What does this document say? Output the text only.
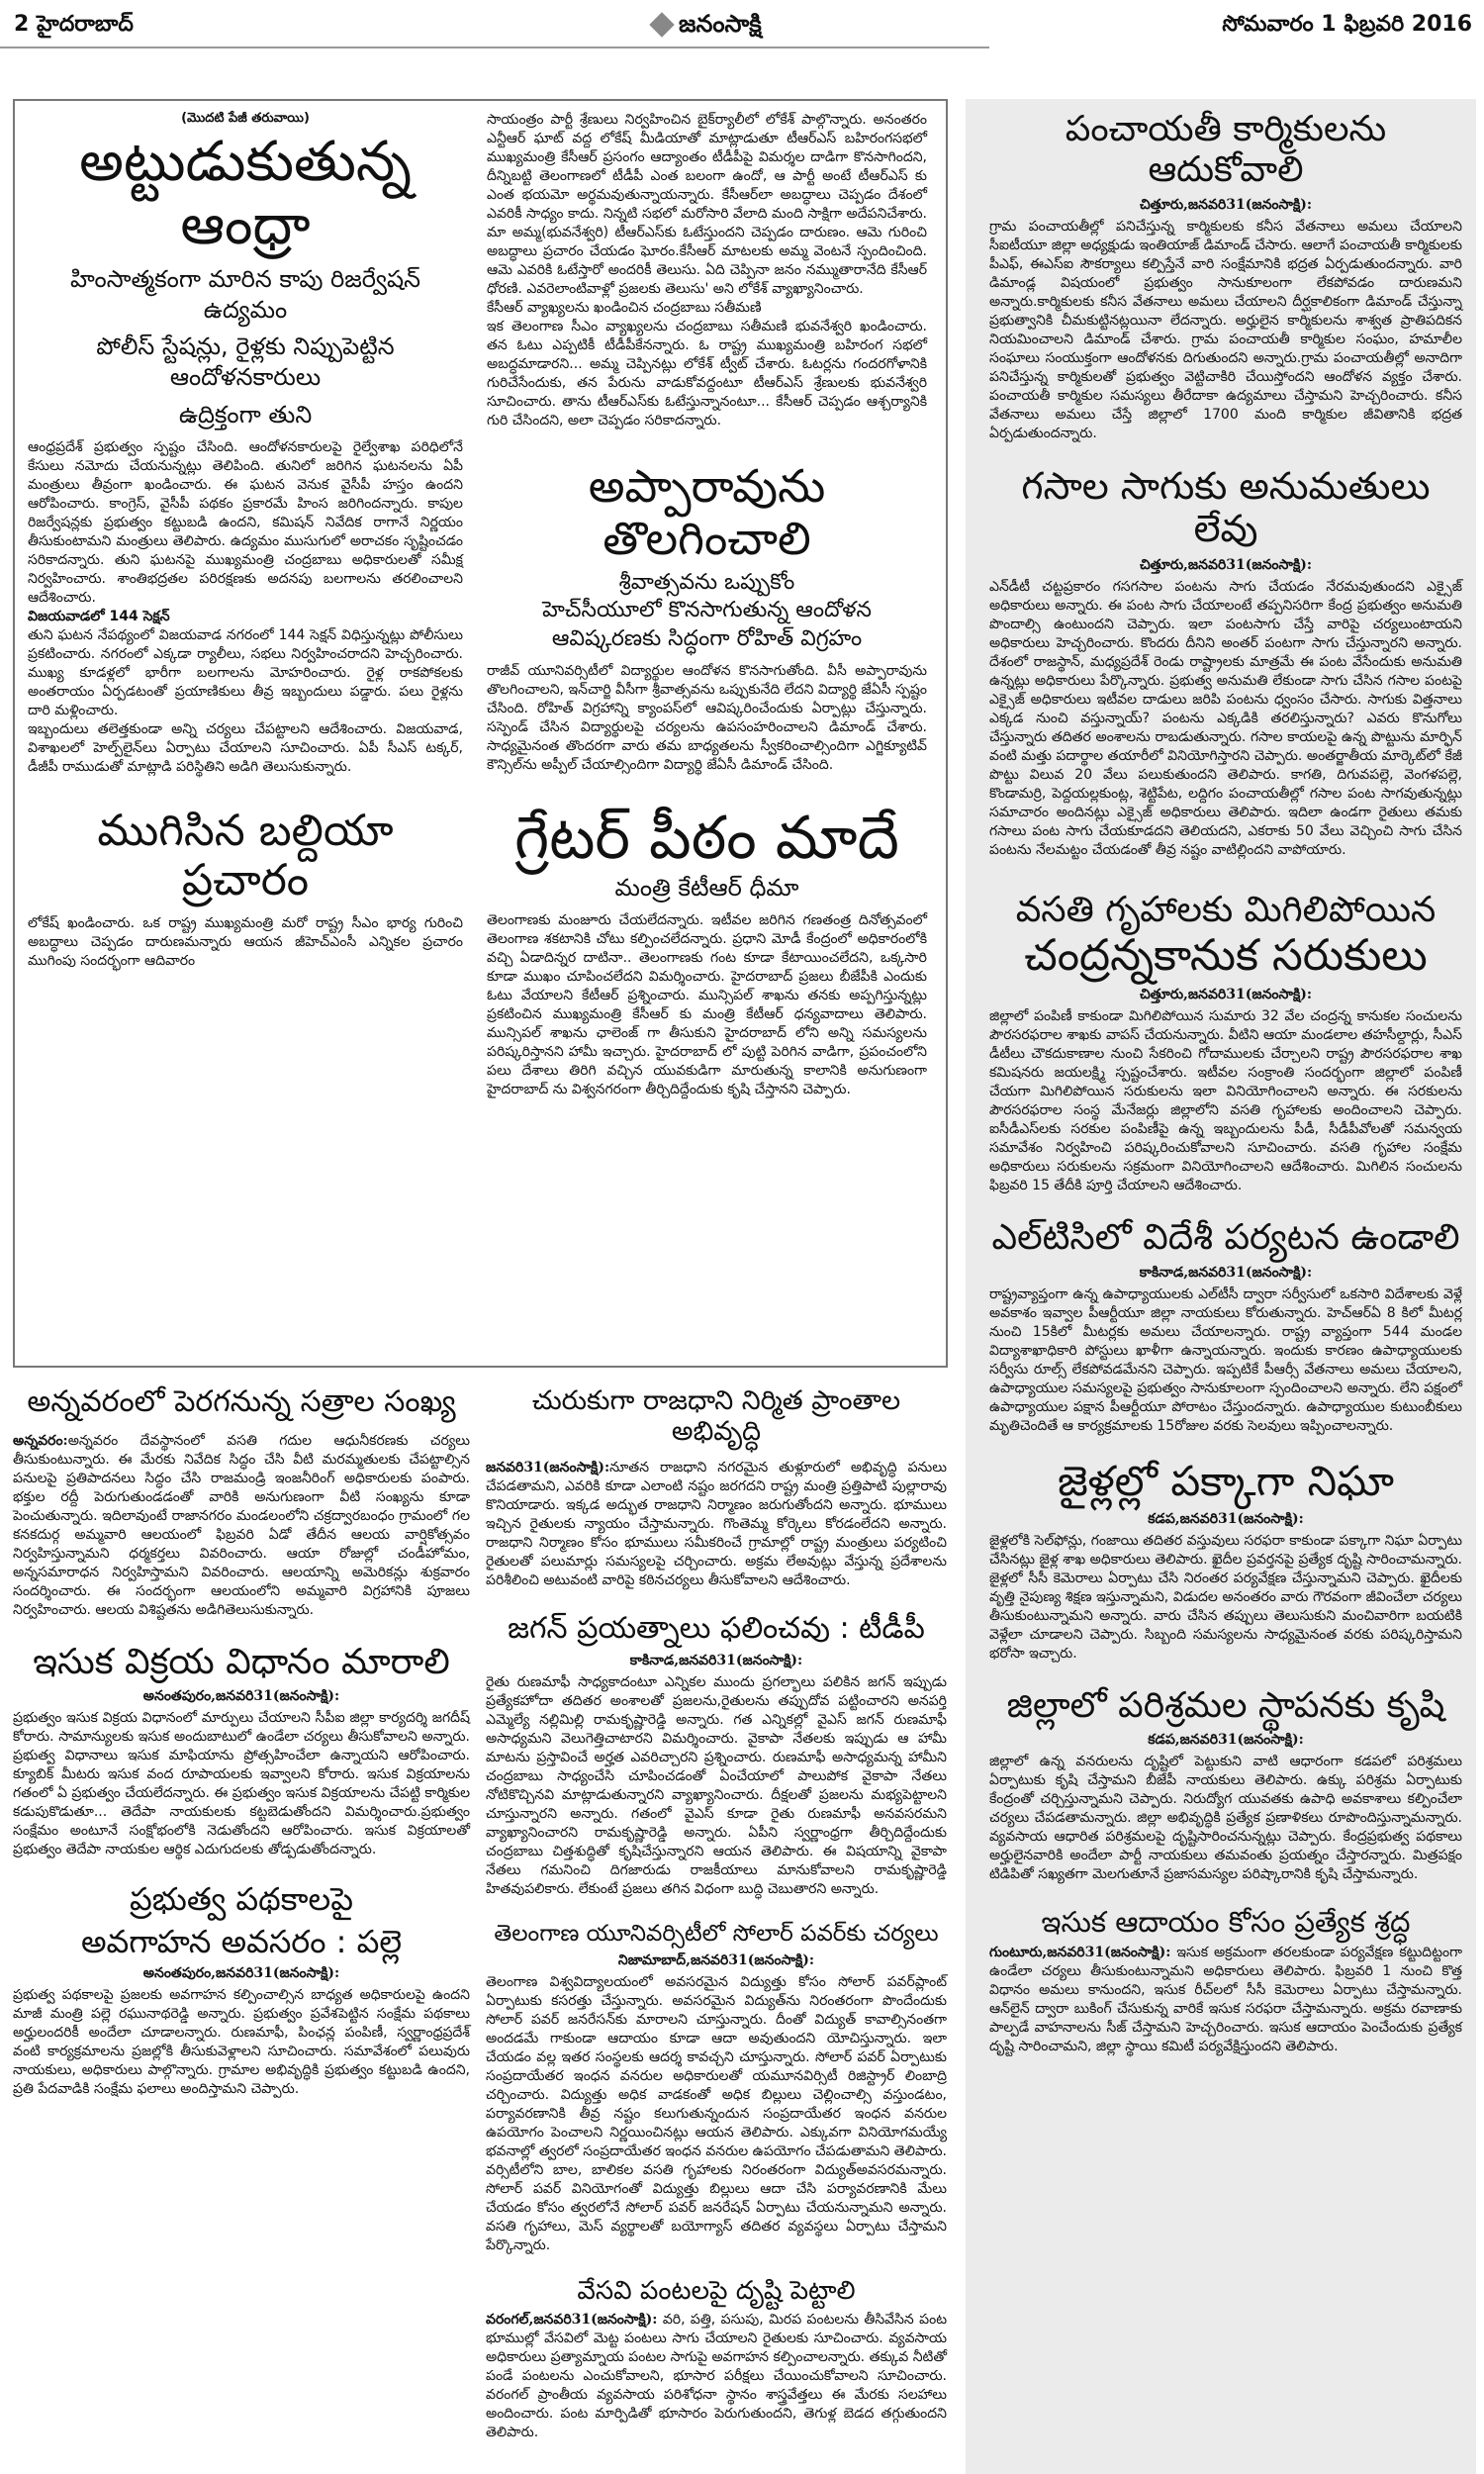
2 హైదరాబాద్	జనంసాక్షి	సోమవారం 1 ఫిబ్రవరి 2016
(మొదటి పేజీ తరువాయి)
అట్టుడుకుతున్న ఆంధ్రా
హింసాత్మకంగా మారిన కాపు రిజర్వేషన్ ఉద్యమం
పోలీస్ స్టేషన్లు, రైళ్లకు నిప్పుపెట్టిన ఆందోళనకారులు
ఉద్రిక్తంగా తుని

ఆంధ్రప్రదేశ్ ప్రభుత్వం స్పష్టం చేసింది. ఆందోళనకారులపై రైల్వేశాఖ పరిధిలోనే కేసులు నమోదు చేయనున్నట్లు తెలిపింది. తునిలో జరిగిన ఘటనలను ఏపీ మంత్రులు తీవ్రంగా ఖండించారు. ఈ ఘటన వెనుక వైసీపీ హస్తం ఉందని ఆరోపించారు. కాంగ్రెస్, వైసీపీ పథకం ప్రకారమే హింస జరిగిందన్నారు. కాపుల రిజర్వేషన్లకు ప్రభుత్వం కట్టుబడి ఉందని, కమిషన్ నివేదిక రాగానే నిర్ణయం తీసుకుంటామని మంత్రులు తెలిపారు. ఉద్యమం ముసుగులో అరాచకం సృష్టించడం సరికాదన్నారు. తుని ఘటనపై ముఖ్యమంత్రి చంద్రబాబు అధికారులతో సమీక్ష నిర్వహించారు. శాంతిభద్రతల పరిరక్షణకు అదనపు బలగాలను తరలించాలని ఆదేశించారు.

విజయవాడలో 144 సెక్షన్

తుని ఘటన నేపథ్యంలో విజయవాడ నగరంలో 144 సెక్షన్ విధిస్తున్నట్లు పోలీసులు ప్రకటించారు. నగరంలో ఎక్కడా ర్యాలీలు, సభలు నిర్వహించరాదని హెచ్చరించారు. ముఖ్య కూడళ్లలో భారీగా బలగాలను మోహరించారు. రైళ్ల రాకపోకలకు అంతరాయం ఏర్పడటంతో ప్రయాణికులు తీవ్ర ఇబ్బందులు పడ్డారు. పలు రైళ్లను దారి మళ్లించారు.

ఇబ్బందులు తలెత్తకుండా అన్ని చర్యలు చేపట్టాలని ఆదేశించారు. విజయవాడ, విశాఖలలో హెల్ప్‌లైన్‌లు ఏర్పాటు చేయాలని సూచించారు. ఏపీ సీఎస్ టక్కర్, డీజీపీ రాముడుతో మాట్లాడి పరిస్థితిని అడిగి తెలుసుకున్నారు.

ముగిసిన బల్దియా ప్రచారం

లోకేష్ ఖండించారు. ఒక రాష్ట్ర ముఖ్యమంత్రి మరో రాష్ట్ర సీఎం భార్య గురించి అబద్ధాలు చెప్పడం దారుణమన్నారు ఆయన జీహెచ్ఎంసీ ఎన్నికల ప్రచారం ముగింపు సందర్భంగా ఆదివారం

సాయంత్రం పార్టీ శ్రేణులు నిర్వహించిన బైక్‌ర్యాలీలో లోకేశ్ పాల్గొన్నారు. అనంతరం ఎన్టీఆర్ ఘాట్ వద్ద లోకేష్ మీడియాతో మాట్లాడుతూ టీఆర్ఎస్ బహిరంగసభలో ముఖ్యమంత్రి కేసీఆర్ ప్రసంగం ఆద్యాంతం టీడీపీపై విమర్శల దాడిగా కొనసాగిందని, దీన్నిబట్టి తెలంగాణలో టీడీపీ ఎంత బలంగా ఉందో, ఆ పార్టీ అంటే టీఆర్ఎస్ కు ఎంత భయమో అర్థమవుతున్నాయన్నారు. కేసీఆర్‌లా అబద్ధాలు చెప్పడం దేశంలో ఎవరికీ సాధ్యం కాదు. నిన్నటి సభలో మరోసారి వేలాది మంది సాక్షిగా అదేపనిచేశారు. మా అమ్మ(భువనేశ్వరి) టీఆర్ఎస్‌కు ఓటేస్తుందని చెప్పడం దారుణం. ఆమె గురించి అబద్ధాలు ప్రచారం చేయడం ఘోరం.కేసీఆర్ మాటలకు అమ్మ వెంటనే స్పందించింది. ఆమె ఎవరికి ఓటేస్తారో అందరికీ తెలుసు. ఏది చెప్పినా జనం నమ్ముతారానేది కేసీఆర్ ధోరణి. ఎవరెలాంటివాళ్లో ప్రజలకు తెలుసు' అని లోకేశ్ వ్యాఖ్యానించారు.

కేసీఆర్ వ్యాఖ్యలను ఖండించిన చంద్రబాబు సతీమణి

ఇక తెలంగాణ సీఎం వ్యాఖ్యలను చంద్రబాబు సతీమణి భువనేశ్వరి ఖండించారు. తన ఓటు ఎప్పటికీ టీడీపీకేనన్నారు. ఓ రాష్ట్ర ముఖ్యమంత్రి బహిరంగ సభలో అబద్ధమాడారని... అమ్మ చెప్పినట్లు లోకేశ్ ట్వీట్ చేశారు. ఓటర్లను గందరగోళానికి గురిచేసేందుకు, తన పేరును వాడుకోవద్దంటూ టీఆర్ఎస్ శ్రేణులకు భువనేశ్వరి సూచించారు. తాను టీఆర్ఎస్‌కు ఓటేస్తున్నానంటూ... కేసీఆర్ చెప్పడం ఆశ్చర్యానికి గురి చేసిందని, అలా చెప్పడం సరికాదన్నారు.

అప్పారావును తొలగించాలి
శ్రీవాత్సవను ఒప్పుకోం
హెచ్‌సీయూలో కొనసాగుతున్న ఆందోళన
ఆవిష్కరణకు సిద్ధంగా రోహిత్ విగ్రహం

రాజీవ్ యూనివర్సిటీలో విద్యార్థుల ఆందోళన కొనసాగుతోంది. వీసీ అప్పారావును తొలగించాలని, ఇన్‌చార్జి వీసీగా శ్రీవాత్సవను ఒప్పుకునేది లేదని విద్యార్థి జేఏసీ స్పష్టం చేసింది. రోహిత్ విగ్రహాన్ని క్యాంపస్‌లో ఆవిష్కరించేందుకు ఏర్పాట్లు చేస్తున్నారు. సస్పెండ్ చేసిన విద్యార్థులపై చర్యలను ఉపసంహరించాలని డిమాండ్ చేశారు. సాధ్యమైనంత తొందరగా వారు తమ బాధ్యతలను స్వీకరించాల్సిందిగా ఎగ్జిక్యూటివ్ కౌన్సిల్‌ను అప్పీల్ చేయాల్సిందిగా విద్యార్థి జేఏసీ డిమాండ్ చేసింది.

గ్రేటర్ పీఠం మాదే
మంత్రి కేటీఆర్ ధీమా

తెలంగాణకు మంజూరు చేయలేదన్నారు. ఇటీవల జరిగిన గణతంత్ర దినోత్సవంలో తెలంగాణ శకటానికి చోటు కల్పించలేదన్నారు. ప్రధాని మోడీ కేంద్రంలో అధికారంలోకి వచ్చి ఏడాదిన్నర దాటినా.. తెలంగాణకు గంట కూడా కేటాయించలేదని, ఒక్కసారి కూడా ముఖం చూపించలేదని విమర్శించారు. హైదరాబాద్ ప్రజలు బీజేపీకి ఎందుకు ఓటు వేయాలని కేటీఆర్ ప్రశ్నించారు. మున్సిపల్ శాఖను తనకు అప్పగిస్తున్నట్లు ప్రకటించిన ముఖ్యమంత్రి కేసీఆర్ కు మంత్రి కేటీఆర్ ధన్యవాదాలు తెలిపారు. మున్సిపల్ శాఖను ఛాలెంజ్ గా తీసుకుని హైదరాబాద్ లోని అన్ని సమస్యలను పరిష్కరిస్తానని హామీ ఇచ్చారు. హైదరాబాద్ లో పుట్టి పెరిగిన వాడిగా, ప్రపంచంలోని పలు దేశాలు తిరిగి వచ్చిన యువకుడిగా మారుతున్న కాలానికి అనుగుణంగా హైదరాబాద్ ను విశ్వనగరంగా తీర్చిదిద్దేందుకు కృషి చేస్తానని చెప్పారు.

అన్నవరంలో పెరగనున్న సత్రాల సంఖ్య

అన్నవరం:అన్నవరం దేవస్థానంలో వసతి గదుల ఆధునీకరణకు చర్యలు తీసుకుంటున్నారు. ఈ మేరకు నివేదిక సిద్ధం చేసి వీటి మరమ్మతులకు చేపట్టాల్సిన పనులపై ప్రతిపాదనలు సిద్ధం చేసి రాజమండ్రి ఇంజనీరింగ్ అధికారులకు పంపారు. భక్తుల రద్దీ పెరుగుతుండడంతో వారికి అనుగుణంగా వీటి సంఖ్యను కూడా పెంచుతున్నారు. ఇదిలావుంటే రాజానగరం మండలంలోని చక్రద్వారబంధం గ్రామంలో గల కనకదుర్గ అమ్మవారి ఆలయంలో ఫిబ్రవరి ఏడో తేదీన ఆలయ వార్షికోత్సవం నిర్వహిస్తున్నామని ధర్మకర్తలు వివరించారు. ఆయా రోజుల్లో చండీహోమం, అన్నసమారాధన నిర్వహిస్తామని వివరించారు. ఆలయాన్ని అమెరికన్లు శుక్రవారం సందర్శించారు. ఈ సందర్భంగా ఆలయంలోని అమ్మవారి విగ్రహానికి పూజలు నిర్వహించారు. ఆలయ విశిష్టతను అడిగితెలుసుకున్నారు.

ఇసుక విక్రయ విధానం మారాలి
అనంతపురం,జనవరి31(జనంసాక్షి):

ప్రభుత్వం ఇసుక విక్రయ విధానంలో మార్పులు చేయాలని సీపీఐ జిల్లా కార్యదర్శి జగదీష్ కోరారు. సామాన్యులకు ఇసుక అందుబాటులో ఉండేలా చర్యలు తీసుకోవాలని అన్నారు. ప్రభుత్వ విధానాలు ఇసుక మాఫియాను ప్రోత్సహించేలా ఉన్నాయని ఆరోపించారు. క్యూబిక్ మీటరు ఇసుక వంద రూపాయలకు ఇవ్వాలని కోరారు. ఇసుక విక్రయాలను గతంలో ఏ ప్రభుత్వం చేయలేదన్నారు. ఈ ప్రభుత్వం ఇసుక విక్రయాలను చేపట్టి కార్మికుల కడుపుకొడుతూ... తెదేపా నాయకులకు కట్టబెడుతోందని విమర్శించారు.ప్రభుత్వం సంక్షేమం అంటూనే సంక్షోభంలోకి నెడుతోందని ఆరోపించారు. ఇసుక విక్రయాలతో ప్రభుత్వం తెదేపా నాయకుల ఆర్థిక ఎదుగుదలకు తోడ్పడుతోందన్నారు.

ప్రభుత్వ పథకాలపై
అవగాహన అవసరం : పల్లె
అనంతపురం,జనవరి31(జనంసాక్షి):

ప్రభుత్వ పథకాలపై ప్రజలకు అవగాహన కల్పించాల్సిన బాధ్యత అధికారులపై ఉందని మాజీ మంత్రి పల్లె రఘునాథరెడ్డి అన్నారు. ప్రభుత్వం ప్రవేశపెట్టిన సంక్షేమ పథకాలు అర్హులందరికీ అందేలా చూడాలన్నారు. రుణమాఫీ, పింఛన్ల పంపిణీ, స్వర్ణాంధ్రప్రదేశ్ వంటి కార్యక్రమాలను ప్రజల్లోకి తీసుకువెళ్లాలని సూచించారు. సమావేశంలో పలువురు నాయకులు, అధికారులు పాల్గొన్నారు. గ్రామాల అభివృద్ధికి ప్రభుత్వం కట్టుబడి ఉందని, ప్రతి పేదవాడికి సంక్షేమ ఫలాలు అందిస్తామని చెప్పారు.

చురుకుగా రాజధాని నిర్మిత ప్రాంతాల అభివృద్ధి

జనవరి31(జనంసాక్షి):నూతన రాజధాని నగరమైన తుళ్లూరులో అభివృద్ధి పనులు చేపడతామని, ఎవరికి కూడా ఎలాంటి నష్టం జరగదని రాష్ట్ర మంత్రి ప్రత్తిపాటి పుల్లారావు కొనియాడారు. ఇక్కడ అద్భుత రాజధాని నిర్మాణం జరుగుతోందని అన్నారు. భూములు ఇచ్చిన రైతులకు న్యాయం చేస్తామన్నారు. గొంతెమ్మ కోర్కెలు కోరడంలేదని అన్నారు. రాజధాని నిర్మాణం కోసం భూములు సమీకరించే గ్రామాల్లో రాష్ట్ర మంత్రులు పర్యటించి రైతులతో పలుమార్లు సమస్యలపై చర్చించారు. అక్రమ లేఅవుట్లు వేస్తున్న ప్రదేశాలను పరిశీలించి అటువంటి వారిపై కఠినచర్యలు తీసుకోవాలని ఆదేశించారు.

జగన్ ప్రయత్నాలు ఫలించవు : టీడీపీ
కాకినాడ,జనవరి31(జనంసాక్షి):

రైతు రుణమాఫీ సాధ్యకాదంటూ ఎన్నికల ముందు ప్రగల్భాలు పలికిన జగన్ ఇప్పుడు ప్రత్యేకహోదా తదితర అంశాలతో ప్రజలను,రైతులను తప్పుదోవ పట్టించారని అనపర్తి ఎమ్మెల్యే నల్లిమిల్లి రామకృష్ణారెడ్డి అన్నారు. గత ఎన్నికల్లో వైఎస్ జగన్ రుణమాఫీ అసాధ్యమని వెలుగెత్తిచాటారని విమర్శించారు. వైకాపా నేతలకు ఇప్పుడు ఆ హామీ మాటను ప్రస్తావించే అర్హత ఎవరిచ్చారని ప్రశ్నించారు. రుణమాఫీ అసాధ్యమన్న హామీని చంద్రబాబు సాధ్యంచేసి చూపించడంతో ఏంచేయాలో పాలుపోక వైకాపా నేతలు నోటికొచ్చినవి మాట్లాడుతున్నారని వ్యాఖ్యానించారు. దీక్షలతో ప్రజలను మభ్యపెట్టాలని చూస్తున్నారని అన్నారు. గతంలో వైఎస్ కూడా రైతు రుణమాఫీ అనవసరమని వ్యాఖ్యానించారని రామకృష్ణారెడ్డి అన్నారు. ఏపీని స్వర్ణాంధ్రగా తీర్చిదిద్దేందుకు చంద్రబాబు చిత్తశుద్ధితో కృషిచేస్తున్నారని ఆయన తెలిపారు. ఈ విషయాన్ని వైకాపా నేతలు గమనించి దిగజారుడు రాజకీయాలు మానుకోవాలని రామకృష్ణారెడ్డి హితవుపలికారు. లేకుంటే ప్రజలు తగిన విధంగా బుద్ధి చెబుతారని అన్నారు.

తెలంగాణ యూనివర్సిటీలో సోలార్ పవర్‌కు చర్యలు
నిజామాబాద్,జనవరి31(జనంసాక్షి):

తెలంగాణ విశ్వవిద్యాలయంలో అవసరమైన విద్యుత్తు కోసం సోలార్ పవర్‌ప్లాంట్ ఏర్పాటుకు కసరత్తు చేస్తున్నారు. అవసరమైన విద్యుత్‌ను నిరంతరంగా పొందేందుకు సోలార్ పవర్ జనరేసన్‌కు మారాలని చూస్తున్నారు. దీంతో విద్యుత్ కావాల్సినంతగా అందడమే గాకుండా ఆదాయం కూడా ఆదా అవుతుందని యోచిస్తున్నారు. ఇలా చేయడం వల్ల ఇతర సంస్థలకు ఆదర్శ కావచ్చని చూస్తున్నారు. సోలార్ పవర్ ఏర్పాటుకు సంప్రదాయేతర ఇంధన వనరుల అధికారులతో యమూనవిర్సిటీ రిజిస్ట్రార్ లింబాద్రి చర్చించారు. విద్యుత్తు అధిక వాడకంతో అధిక బిల్లులు చెల్లించాల్సి వస్తుండటం, పర్యావరణానికి తీవ్ర నష్టం కలుగుతున్నందున సంప్రదాయేతర ఇంధన వనరుల ఉపయోగం పెంచాలని నిర్ణయించినట్లు ఆయన తెలిపారు. ఎక్కువగా వినియోగమయ్యే భవనాల్లో త్వరలో సంప్రదాయేతర ఇంధన వనరుల ఉపయోగం చేపడుతామని తెలిపారు. వర్సిటీలోని బాల, బాలికల వసతి గృహాలకు నిరంతరంగా విద్యుత్‌అవసరమన్నారు. సోలార్ పవర్ వినియోగంతో విద్యుత్తు బిల్లులు ఆదా చేసి పర్యావరణానికి మేలు చేయడం కోసం త్వరలోనే సోలార్ పవర్ జనరేషన్ ఏర్పాటు చేయనున్నామని అన్నారు. వసతి గృహాలు, మెస్ వ్యర్థాలతో బయోగ్యాస్ తదితర వ్యవస్థలు ఏర్పాటు చేస్తామని పేర్కొన్నారు.

వేసవి పంటలపై దృష్టి పెట్టాలి

వరంగల్,జనవరి31(జనంసాక్షి): వరి, పత్తి, పసుపు, మిరప పంటలను తీసివేసిన పంట భూముల్లో వేసవిలో మెట్ట పంటలు సాగు చేయాలని రైతులకు సూచించారు. వ్యవసాయ అధికారులు ప్రత్యామ్నాయ పంటల సాగుపై అవగాహన కల్పించాలన్నారు. తక్కువ నీటితో పండే పంటలను ఎంచుకోవాలని, భూసార పరీక్షలు చేయించుకోవాలని సూచించారు. వరంగల్ ప్రాంతీయ వ్యవసాయ పరిశోధనా స్థానం శాస్త్రవేత్తలు ఈ మేరకు సలహాలు అందించారు. పంట మార్పిడితో భూసారం పెరుగుతుందని, తెగుళ్ల బెడద తగ్గుతుందని తెలిపారు.

పంచాయతీ కార్మికులను ఆదుకోవాలి
చిత్తూరు,జనవరి31(జనంసాక్షి):

గ్రామ పంచాయతీల్లో పనిచేస్తున్న కార్మికులకు కనీస వేతనాలు అమలు చేయాలని సీఐటీయూ జిల్లా అధ్యక్షుడు ఇంతియాజ్ డిమాండ్ చేసారు. ఆలాగే పంచాయతీ కార్మికులకు పీఎఫ్, ఈఎస్‌ఐ సౌకర్యాలు కల్పిస్తేనే వారి సంక్షేమానికి భద్రత ఏర్పడుతుందన్నారు. వారి డిమాండ్ల విషయంలో ప్రభుత్వం సానుకూలంగా లేకపోవడం దారుణమని అన్నారు.కార్మికులకు కనీస వేతనాలు అమలు చేయాలని దీర్ఘకాలికంగా డిమాండ్ చేస్తున్నా ప్రభుత్వానికి చీమకుట్టినట్లయినా లేదన్నారు. అర్హులైన కార్మికులను శాశ్వత ప్రాతిపదికన నియమించాలని డిమాండ్ చేశారు. గ్రామ పంచాయతీ కార్మికుల సంఘం, హమాలీల సంఘాలు సంయుక్తంగా ఆందోళనకు దిగుతుందని అన్నారు.గ్రామ పంచాయతీల్లో అనాదిగా పనిచేస్తున్న కార్మికులతో ప్రభుత్వం వెట్టిచాకిరి చేయిస్తోందని ఆందోళన వ్యక్తం చేశారు. పంచాయతీ కార్మికుల సమస్యలు తీరేదాకా ఉద్యమాలు చేస్తామని హెచ్చరించారు. కనీస వేతనాలు అమలు చేస్తే జిల్లాలో 1700 మంది కార్మికుల జీవితానికి భద్రత ఏర్పడుతుందన్నారు.

గసాల సాగుకు అనుమతులు లేవు
చిత్తూరు,జనవరి31(జనంసాక్షి):

ఎన్‌డీటీ చట్టప్రకారం గసగసాల పంటను సాగు చేయడం నేరమవుతుందని ఎక్సైజ్ అధికారులు అన్నారు. ఈ పంట సాగు చేయాలంటే తప్పనిసరిగా కేంద్ర ప్రభుత్వం అనుమతి పొందాల్సి ఉంటుందని చెప్పారు. ఇలా పంటసాగు చేస్తే వారిపై చర్యలుంటాయని అధికారులు హెచ్చరించారు. కొందరు దీనిని అంతర్ పంటగా సాగు చేస్తున్నారని అన్నారు. దేశంలో రాజస్థాన్, మధ్యప్రదేశ్ రెండు రాష్ట్రాలకు మాత్రమే ఈ పంట వేసేందుకు అనుమతి ఉన్నట్లు అధికారులు పేర్కొన్నారు. ప్రభుత్వ అనుమతి లేకుండా సాగు చేసిన గసాల పంటపై ఎక్సైజ్ అధికారులు ఇటీవల దాడులు జరిపి పంటను ధ్వంసం చేసారు. సాగుకు విత్తనాలు ఎక్కడ నుంచి వస్తున్నాయ్? పంటను ఎక్కడికి తరలిస్తున్నారు? ఎవరు కొనుగోలు చేస్తున్నారు తదితర అంశాలను రాబడుతున్నారు. గసాల కాయలపై ఉన్న పొట్టును మార్ఫిన్ వంటి మత్తు పదార్థాల తయారీలో వినియోగిస్తారని చెప్పారు. అంతర్జాతీయ మార్కెట్‌లో కేజీ పొట్టు విలువ 20 వేలు పలుకుతుందని తెలిపారు. కాగతి, దిగువపల్లె, వెంగళపల్లె, కొండామర్రి, పెద్దయల్లకుంట్ల, శెట్టిపేట, లద్దిగం పంచాయతీల్లో గసాల పంట సాగవుతున్నట్లు సమాచారం అందినట్లు ఎక్సైజ్ అధికారులు తెలిపారు. ఇదిలా ఉండగా రైతులు తమకు గసాలు పంట సాగు చేయకూడదని తెలియదని, ఎకరాకు 50 వేలు వెచ్చించి సాగు చేసిన పంటను నేలమట్టం చేయడంతో తీవ్ర నష్టం వాటిల్లిందని వాపోయారు.

వసతి గృహాలకు మిగిలిపోయిన
చంద్రన్నకానుక సరుకులు
చిత్తూరు,జనవరి31(జనంసాక్షి):

జిల్లాలో పంపిణీ కాకుండా మిగిలిపోయిన సుమారు 32 వేల చంద్రన్న కానుకల సంచులను పౌరసరఫరాల శాఖకు వాపస్ చేయనున్నారు. వీటిని ఆయా మండలాల తహసీల్దార్లు, సీఎస్ డీటీలు చౌకదుకాణాల నుంచి సేకరించి గోదాములకు చేర్చాలని రాష్ట్ర పౌరసరఫరాల శాఖ కమిషనరు జయలక్ష్మి స్పష్టంచేశారు. ఇటీవల సంక్రాంతి సందర్భంగా జిల్లాలో పంపిణీ చేయగా మిగిలిపోయిన సరుకులను ఇలా వినియోగించాలని అన్నారు. ఈ సరకులను పౌరసరఫరాల సంస్థ మేనేజర్లు జిల్లాలోని వసతి గృహాలకు అందించాలని చెప్పారు. ఐసీడీఎస్‌లకు సరకుల పంపిణీపై ఉన్న ఇబ్బందులను పీడీ, సీడీపీవోలతో సమన్వయ సమావేశం నిర్వహించి పరిష్కరించుకోవాలని సూచించారు. వసతి గృహాల సంక్షేమ అధికారులు సరుకులను సక్రమంగా వినియోగించాలని ఆదేశించారు. మిగిలిన సంచులను ఫిబ్రవరి 15 తేదీకి పూర్తి చేయాలని ఆదేశించారు.

ఎల్‌టిసిలో విదేశీ పర్యటన ఉండాలి
కాకినాడ,జనవరి31(జనంసాక్షి):

రాష్ట్రవ్యాప్తంగా ఉన్న ఉపాధ్యాయులకు ఎల్‌టీసీ ద్వారా సర్వీసులో ఒకసారి విదేశాలకు వెళ్లే అవకాశం ఇవ్వాల పీఆర్టీయూ జిల్లా నాయకులు కోరుతున్నారు. హెచ్‌ఆర్‌ఏ 8 కిలో మీటర్ల నుంచి 15కిలో మీటర్లకు అమలు చేయాలన్నారు. రాష్ట్ర వ్యాప్తంగా 544 మండల విద్యాశాఖాధికారి పోస్టులు ఖాళీగా ఉన్నాయన్నారు. ఇందుకు కారణం ఉపాధ్యాయులకు సర్వీసు రూల్స్ లేకపోవడమేనని చెప్పారు. ఇప్పటికే పీఆర్సీ వేతనాలు అమలు చేయాలని, ఉపాధ్యాయుల సమస్యలపై ప్రభుత్వం సానుకూలంగా స్పందించాలని అన్నారు. లేని పక్షంలో ఉపాధ్యాయుల పక్షాన పీఆర్టీయూ పోరాటం చేస్తుందన్నారు. ఉపాధ్యాయుల కుటుంబీకులు మృతిచెందితే ఆ కార్యక్రమాలకు 15రోజుల వరకు సెలవులు ఇప్పించాలన్నారు.

జైళ్లల్లో పక్కాగా నిఘా
కడప,జనవరి31(జనంసాక్షి):

జైళ్లలోకి సెల్‌ఫోన్లు, గంజాయి తదితర వస్తువులు సరఫరా కాకుండా పక్కాగా నిఘా ఏర్పాటు చేసినట్లు జైళ్ల శాఖ అధికారులు తెలిపారు. ఖైదీల ప్రవర్తనపై ప్రత్యేక దృష్టి సారించామన్నారు. జైళ్లలో సీసీ కెమెరాలు ఏర్పాటు చేసి నిరంతర పర్యవేక్షణ చేస్తున్నామని చెప్పారు. ఖైదీలకు వృత్తి నైపుణ్య శిక్షణ ఇస్తున్నామని, విడుదల అనంతరం వారు గౌరవంగా జీవించేలా చర్యలు తీసుకుంటున్నామని అన్నారు. వారు చేసిన తప్పులు తెలుసుకుని మంచివారిగా బయటికి వెళ్లేలా చూడాలని చెప్పారు. సిబ్బంది సమస్యలను సాధ్యమైనంత వరకు పరిష్కరిస్తామని భరోసా ఇచ్చారు.

జిల్లాలో పరిశ్రమల స్థాపనకు కృషి
కడప,జనవరి31(జనంసాక్షి):

జిల్లాలో ఉన్న వనరులను దృష్టిలో పెట్టుకుని వాటి ఆధారంగా కడపలో పరిశ్రమలు ఏర్పాటుకు కృషి చేస్తామని బీజేపీ నాయకులు తెలిపారు. ఉక్కు పరిశ్రమ ఏర్పాటుకు కేంద్రంతో చర్చిస్తున్నామని చెప్పారు. నిరుద్యోగ యువతకు ఉపాధి అవకాశాలు కల్పించేలా చర్యలు చేపడతామన్నారు. జిల్లా అభివృద్ధికి ప్రత్యేక ప్రణాళికలు రూపొందిస్తున్నామన్నారు. వ్యవసాయ ఆధారిత పరిశ్రమలపై దృష్టిసారించనున్నట్లు చెప్పారు. కేంద్రప్రభుత్వ పథకాలు అర్హులైనవారికి అందేలా పార్టీ నాయకులు తమవంతు ప్రయత్నం చేస్తారన్నారు. మిత్రపక్షం టిడిపితో సఖ్యతగా మెలగుతూనే ప్రజాసమస్యల పరిష్కారానికి కృషి చేస్తామన్నారు.

ఇసుక ఆదాయం కోసం ప్రత్యేక శ్రద్ధ

గుంటూరు,జనవరి31(జనంసాక్షి): ఇసుక అక్రమంగా తరలకుండా పర్యవేక్షణ కట్టుదిట్టంగా ఉండేలా చర్యలు తీసుకుంటున్నామని అధికారులు తెలిపారు. ఫిబ్రవరి 1 నుంచి కొత్త విధానం అమలు కానుందని, ఇసుక రీచ్‌లలో సీసీ కెమెరాలు ఏర్పాటు చేస్తామన్నారు. ఆన్‌లైన్ ద్వారా బుకింగ్ చేసుకున్న వారికే ఇసుక సరఫరా చేస్తామన్నారు. అక్రమ రవాణాకు పాల్పడే వాహనాలను సీజ్ చేస్తామని హెచ్చరించారు. ఇసుక ఆదాయం పెంచేందుకు ప్రత్యేక దృష్టి సారించామని, జిల్లా స్థాయి కమిటీ పర్యవేక్షిస్తుందని తెలిపారు.
